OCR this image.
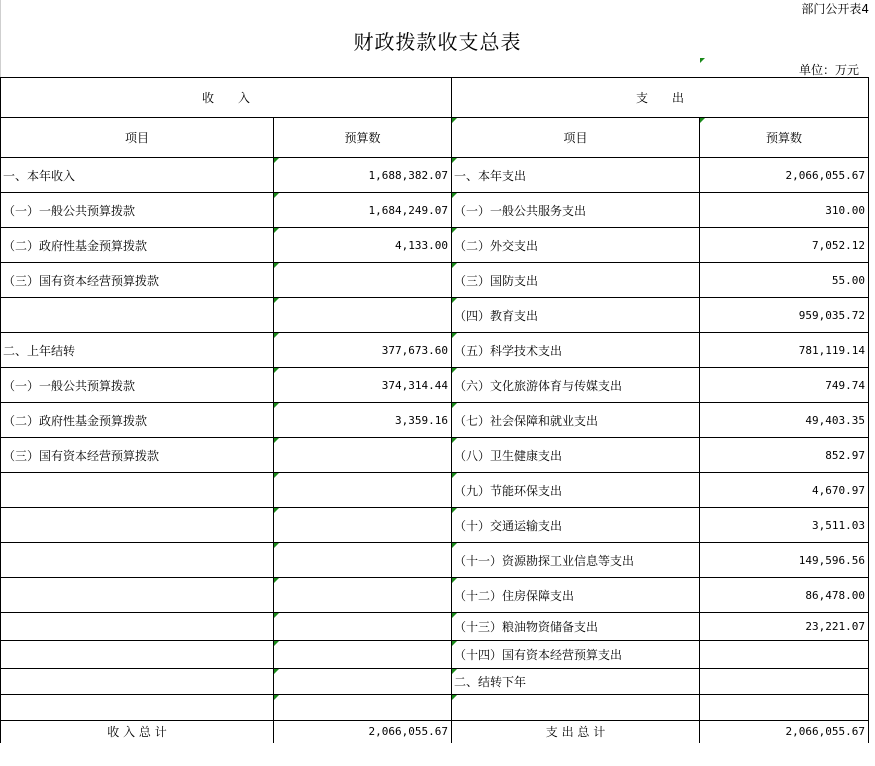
部门公开表4
财政拨款收支总表
单位：万元
收　　入		支　　出	
项目	预算数	项目	预算数
一、本年收入	1,688,382.07	一、本年支出	2,066,055.67
（一）一般公共预算拨款	1,684,249.07	（一）一般公共服务支出	310.00
（二）政府性基金预算拨款	4,133.00	（二）外交支出	7,052.12
（三）国有资本经营预算拨款		（三）国防支出	55.00
		（四）教育支出	959,035.72
二、上年结转	377,673.60	（五）科学技术支出	781,119.14
（一）一般公共预算拨款	374,314.44	（六）文化旅游体育与传媒支出	749.74
（二）政府性基金预算拨款	3,359.16	（七）社会保障和就业支出	49,403.35
（三）国有资本经营预算拨款		（八）卫生健康支出	852.97
		（九）节能环保支出	4,670.97
		（十）交通运输支出	3,511.03
		（十一）资源勘探工业信息等支出	149,596.56
		（十二）住房保障支出	86,478.00
		（十三）粮油物资储备支出	23,221.07
		（十四）国有资本经营预算支出	
		二、结转下年	

收 入 总 计	2,066,055.67	支 出 总 计	2,066,055.67
